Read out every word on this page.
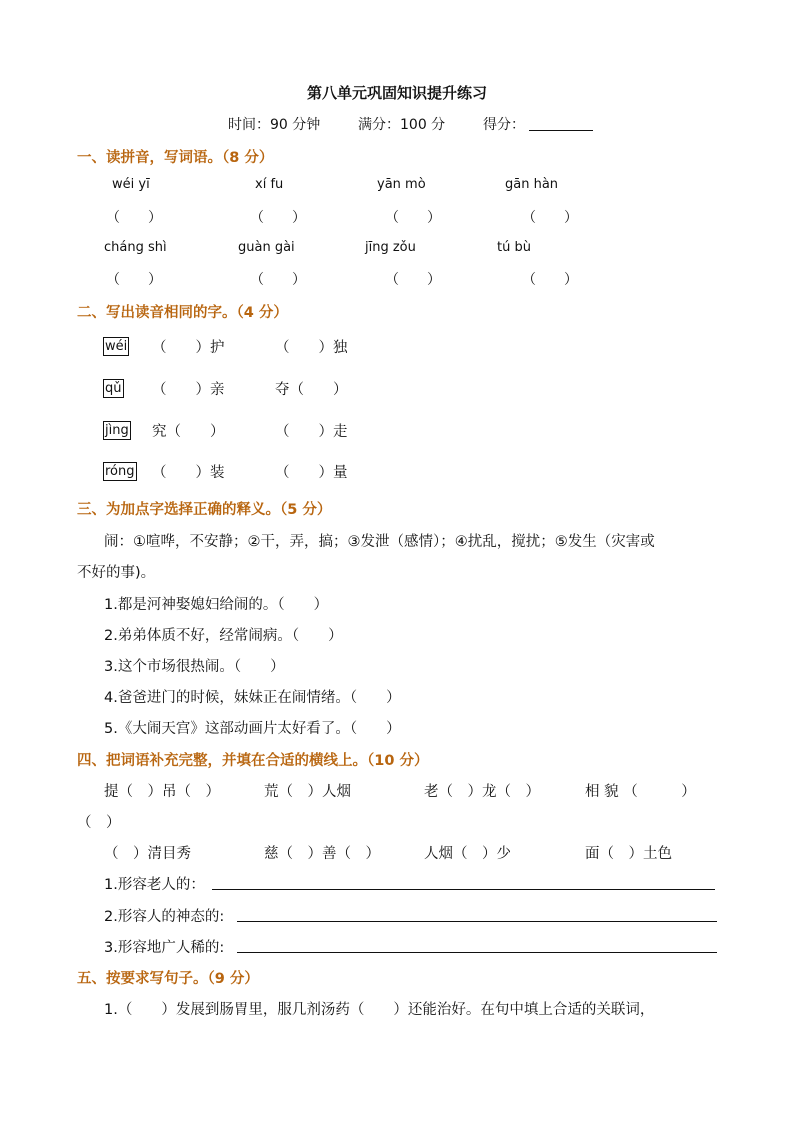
第八单元巩固知识提升练习
时间：90 分钟	满分：100 分	得分：
一、读拼音，写词语。（8 分）
wéi yī	xí fu	yān mò	gān hàn
（　　）	（　　）	（　　）	（　　）
cháng shì	guàn gài	jīng zǒu	tú bù
（　　）	（　　）	（　　）	（　　）
二、写出读音相同的字。（4 分）
wéi （　　）护	（　　）独
qǔ （　　）亲	夺（　　）
jìng 究（　　）	（　　）走
róng （　　）装	（　　）量
三、为加点字选择正确的释义。（5 分）
闹：①喧哗，不安静；②干，弄，搞；③发泄（感情）；④扰乱，搅扰；⑤发生（灾害或
不好的事)。
1.都是河神娶媳妇给闹的。（　　）
2.弟弟体质不好，经常闹病。（　　）
3.这个市场很热闹。（　　）
4.爸爸进门的时候，妹妹正在闹情绪。（　　）
5.《大闹天宫》这部动画片太好看了。（　　）
四、把词语补充完整，并填在合适的横线上。（10 分）
提（　）吊（　）	荒（　）人烟	老（　）龙（　）	相 貌 （　　　）
（　）
（　）清目秀	慈（　）善（　）	人烟（　）少	面（　）土色
1.形容老人的：
2.形容人的神态的:
3.形容地广人稀的:
五、按要求写句子。（9 分）
1.（　　）发展到肠胃里，服几剂汤药（　　）还能治好。在句中填上合适的关联词，
